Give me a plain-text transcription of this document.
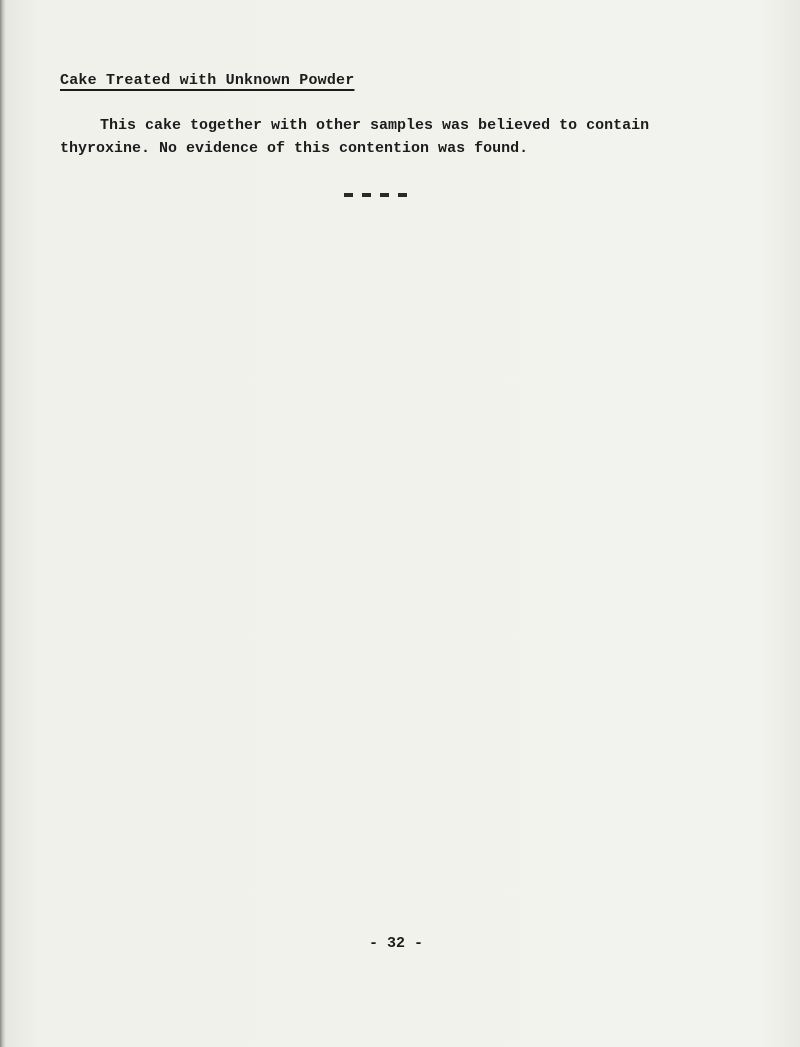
Cake Treated with Unknown Powder

This cake together with other samples was believed to contain
thyroxine. No evidence of this contention was found.

- 32 -
